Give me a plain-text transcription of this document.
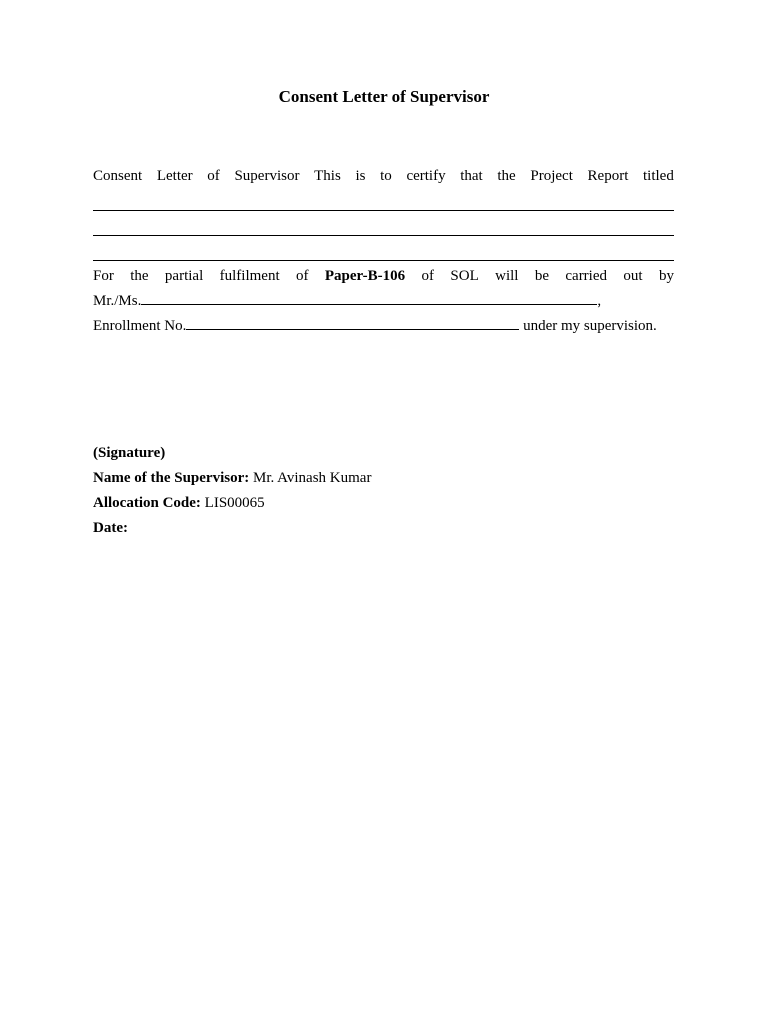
Consent Letter of Supervisor
Consent Letter of Supervisor This is to certify that the Project Report titled
For the partial fulfilment of Paper-B-106 of SOL will be carried out by
Mr./Ms.	,
Enrollment No.	under my supervision.
(Signature)
Name of the Supervisor: Mr. Avinash Kumar
Allocation Code: LIS00065
Date:
